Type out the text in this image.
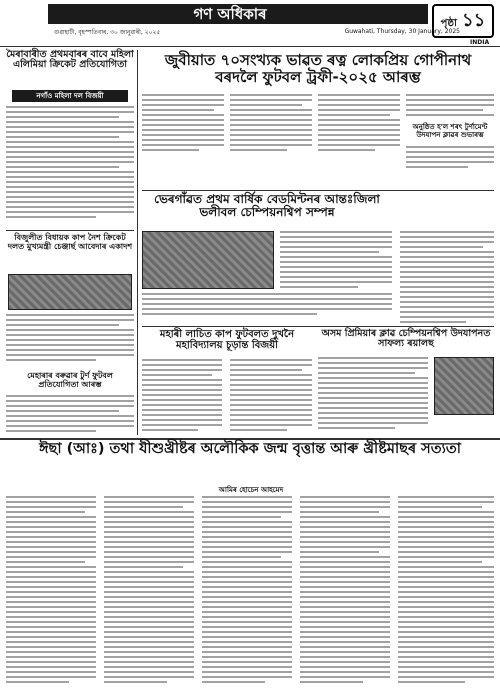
গণ অধিকাৰ
গুৱাহাটী, বৃহস্পতিবাৰ, ৩০ জানুৱাৰী, ২০২৫	Guwahati, Thursday, 30 January, 2025
পৃষ্ঠা ১১
INDIA
মৈৰাবাৰীত প্ৰথমবাৰৰ বাবে মহিলা এলিমিয়া ক্ৰিকেট প্ৰতিযোগিতা
নগাঁও মহিলা দল বিজয়ী
বিজুলীত বিধায়ক কাপ নৈশ ক্ৰিকেট দলত মুখ্যমন্ত্ৰী চেঞ্জাৰ্ছ আবেদাৰ একাদশ
মেহাৰাৰ বৰুৱাৰ টুৰ্ণ ফুটবল প্ৰতিযোগিতা আৰম্ভ
জুবীয়াত ৭০সংখ্যক ভাৱত ৰত্ন লোকপ্ৰিয় গোপীনাথ বৰদলৈ ফুটবল ট্ৰফী-২০২৫ আৰম্ভ
অনুষ্ঠিত হ'ল শৰৎ টুৰ্ণামেণ্ট উদযাপন ক্লাৱৰ শুভাৰম্ভ
ভেৰগাঁৱত প্ৰথম বাৰ্ষিক বেডমিন্টনৰ আন্তঃজিলা ভলীবল চেম্পিয়নশ্বিপ সম্পন্ন
মহাৰী লাচিত কাপ ফুটবলত দুখনৈ মহাবিদ্যালয় চূড়ান্ত বিজয়ী
অসম প্ৰিমিয়াৰ ক্লাৱ চেম্পিয়নশ্বিপ উদযাপনত সাফল্য ৰয়ালছ
ঈছা (আঃ) তথা যীশুখ্ৰীষ্টৰ অলৌকিক জন্ম বৃত্তান্ত আৰু খ্ৰীষ্টমাছৰ সত্যতা
আমিৰ হোচেন আহমেদ
